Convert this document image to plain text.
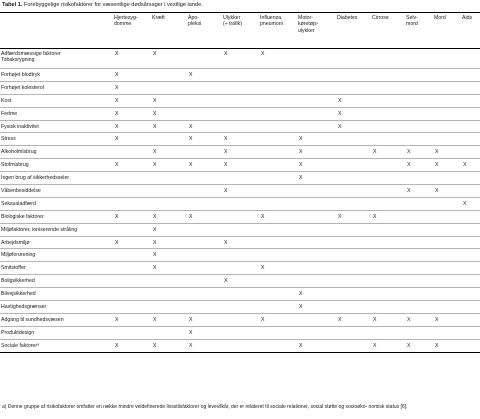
Tabel 1. Forebyggelige risikofaktorer for væsentlige dødsårsager i vestlige lande.
	Hjertesyg-
domme	Kræft	Apo-
pleksi	Ulykker
(÷ trafik)	Influenza,
pneumoni	Motor-
køretøjs-
ulykker	Diabetes	Cirrose	Selv-
mord	Mord	Aids
Adfærdsmæssige faktorer
Tobaksrygning	X	X		X	X						
Forhøjet blodtryk	X		X								
Forhøjet kolesterol	X										
Kost	X	X					X				
Fedme	X	X					X				
Fysisk inaktivitet	X	X	X				X				
Stress	X		X	X		X					
Alkoholmisbrug		X		X		X		X	X	X	
Stofmisbrug	X	X	X	X		X			X	X	X
Ingen brug af sikkerhedsseler						X					
Våbenbesiddelse				X					X	X	
Seksualadfærd											X
Biologiske faktorer	X	X	X		X		X	X			
Miljøfaktorer, ioniserende stråling		X									
Arbejdsmiljø	X	X		X							
Miljøforurening		X									
Smitstoffer		X			X						
Boligsikkerhed				X							
Bilvejsikkerhed						X					
Hastighedsgrænser						X					
Adgang til sundhedsvæsen	X	X	X		X		X	X	X	X	
Produktdesign			X								
Sociale faktorerᵃ	X	X	X			X		X	X	X	
a) Denne gruppe af risikofaktorer omfatter en række mindre veldefinerede livsstilsfaktorer og levevilkår, der er relateret til sociale relationer, social støtte og socioøko- nomisk status [6].
